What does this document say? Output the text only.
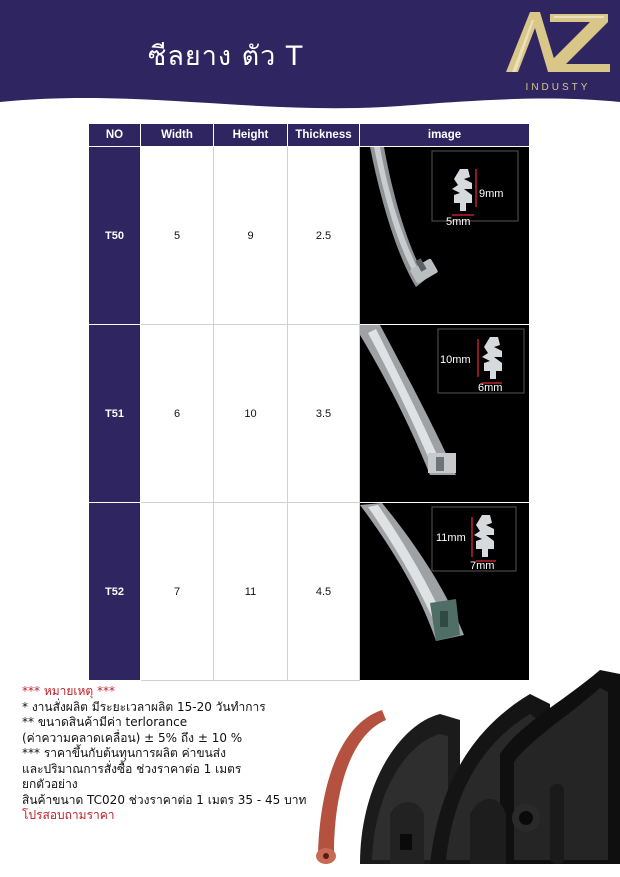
ซีลยาง ตัว T
INDUSTY
NO	Width	Height	Thickness	image
T50	5	9	2.5	9mm
5mm

T51	6	10	3.5	10mm
6mm

T52	7	11	4.5	11mm
7mm
*** หมายเหตุ ***
* งานสั่งผลิต มีระยะเวลาผลิต 15-20 วันทำการ
** ขนาดสินค้ามีค่า terlorance
(ค่าความคลาดเคลื่อน) ± 5% ถึง ± 10 %
*** ราคาขึ้นกับต้นทุนการผลิต ค่าขนส่ง
และปริมาณการสั่งซื้อ ช่วงราคาต่อ 1 เมตร
ยกตัวอย่าง
สินค้าขนาด TC020 ช่วงราคาต่อ 1 เมตร 35 - 45 บาท
โปรสอบถามราคา
